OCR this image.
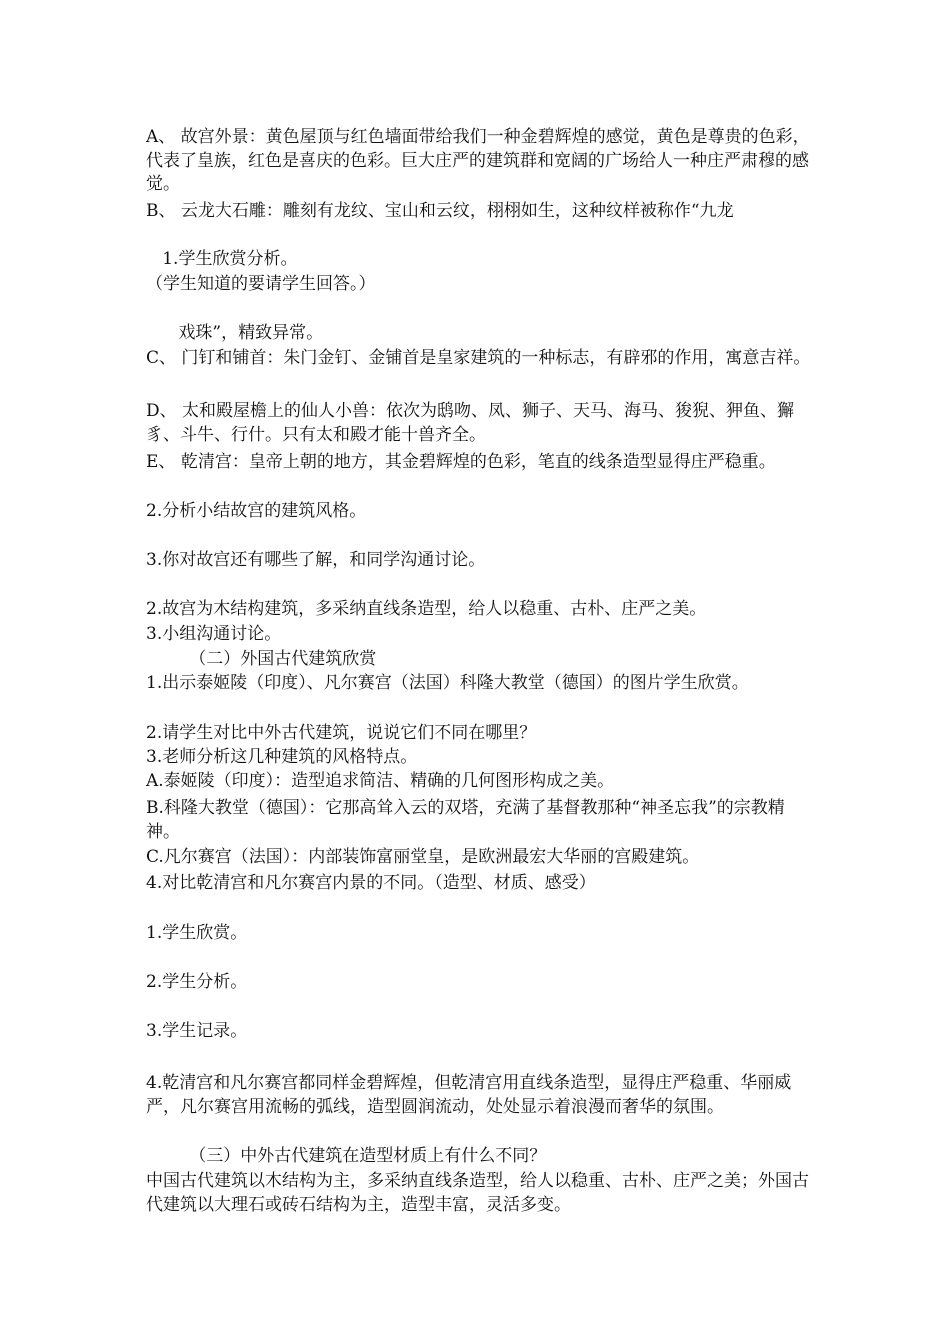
A、 故宫外景：黄色屋顶与红色墙面带给我们一种金碧辉煌的感觉，黄色是尊贵的色彩，代表了皇族，红色是喜庆的色彩。巨大庄严的建筑群和宽阔的广场给人一种庄严肃穆的感觉。

B、 云龙大石雕：雕刻有龙纹、宝山和云纹，栩栩如生，这种纹样被称作“九龙

1.学生欣赏分析。

（学生知道的要请学生回答。）

戏珠”，精致异常。

C、 门钉和铺首：朱门金钉、金铺首是皇家建筑的一种标志，有辟邪的作用，寓意吉祥。

D、 太和殿屋檐上的仙人小兽：依次为鸱吻、凤、狮子、天马、海马、狻猊、狎鱼、獬豸、斗牛、行什。只有太和殿才能十兽齐全。

E、 乾清宫：皇帝上朝的地方，其金碧辉煌的色彩，笔直的线条造型显得庄严稳重。

2.分析小结故宫的建筑风格。

3.你对故宫还有哪些了解，和同学沟通讨论。

2.故宫为木结构建筑，多采纳直线条造型，给人以稳重、古朴、庄严之美。

3.小组沟通讨论。

（二）外国古代建筑欣赏

1.出示泰姬陵（印度）、凡尔赛宫（法国）科隆大教堂（德国）的图片学生欣赏。

2.请学生对比中外古代建筑，说说它们不同在哪里？

3.老师分析这几种建筑的风格特点。

A.泰姬陵（印度）：造型追求简洁、精确的几何图形构成之美。

B.科隆大教堂（德国）：它那高耸入云的双塔，充满了基督教那种“神圣忘我”的宗教精神。

C.凡尔赛宫（法国）：内部装饰富丽堂皇，是欧洲最宏大华丽的宫殿建筑。

4.对比乾清宫和凡尔赛宫内景的不同。（造型、材质、感受）

1.学生欣赏。

2.学生分析。

3.学生记录。

4.乾清宫和凡尔赛宫都同样金碧辉煌，但乾清宫用直线条造型，显得庄严稳重、华丽威严，凡尔赛宫用流畅的弧线，造型圆润流动，处处显示着浪漫而奢华的氛围。

（三）中外古代建筑在造型材质上有什么不同？

中国古代建筑以木结构为主，多采纳直线条造型，给人以稳重、古朴、庄严之美；外国古代建筑以大理石或砖石结构为主，造型丰富，灵活多变。
